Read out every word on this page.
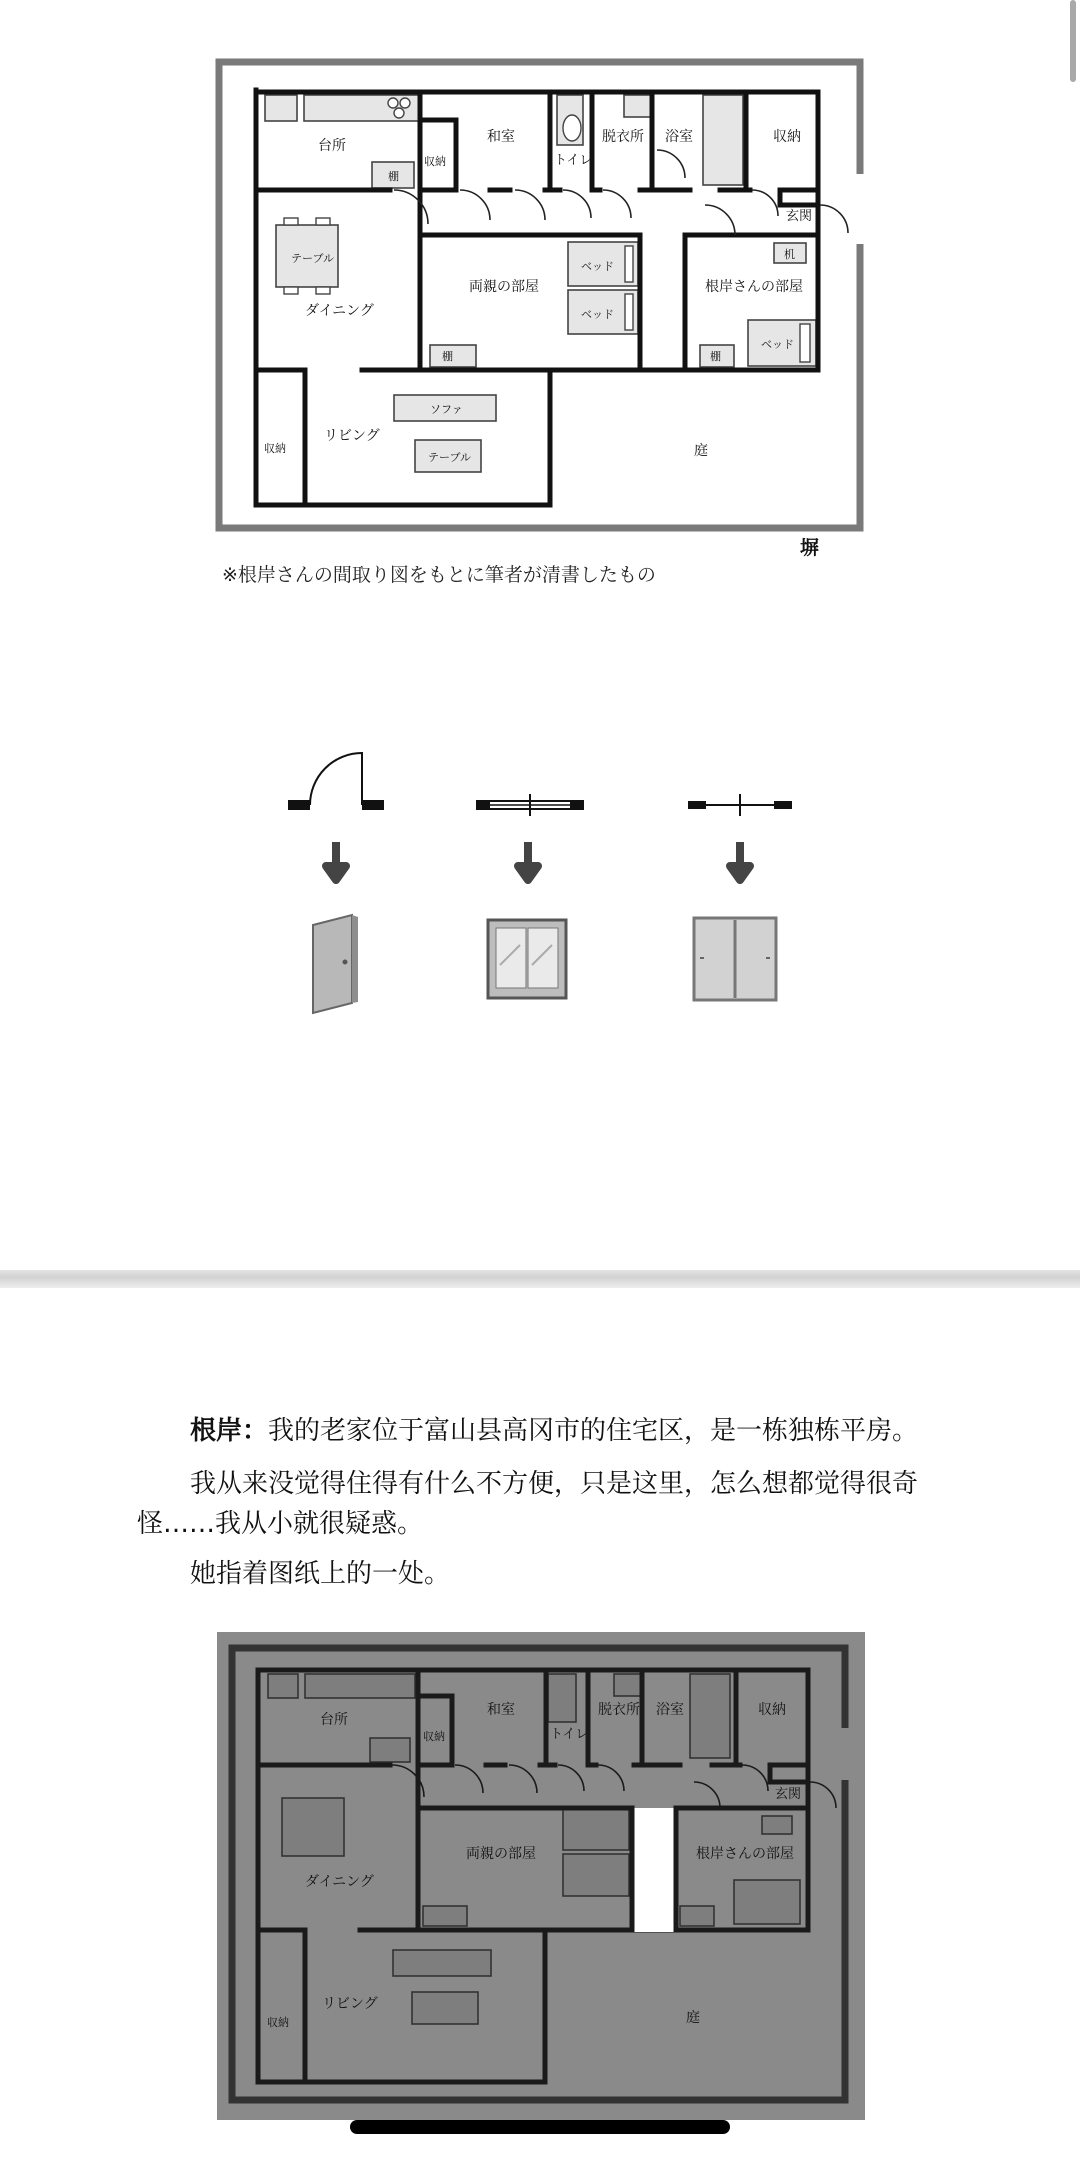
台所
和室
収納	トイレ
脱衣所 浴室	収納
玄関
棚
テーブル
ダイニング
両親の部屋
ベッド
ベッド
根岸さんの部屋
ベッド
机
棚	棚
収納
リビング
ソファ
テーブル	庭
塀
※根岸さんの間取り図をもとに筆者が清書したもの
根岸：我的老家位于富山县高冈市的住宅区，是一栋独栋平房。
我从来没觉得住得有什么不方便，只是这里，怎么想都觉得很奇
怪……我从小就很疑惑。
她指着图纸上的一处。
台所
和室
収納	トイレ
脱衣所 浴室	収納
玄関
ダイニング
両親の部屋	根岸さんの部屋
収納
リビング
庭
